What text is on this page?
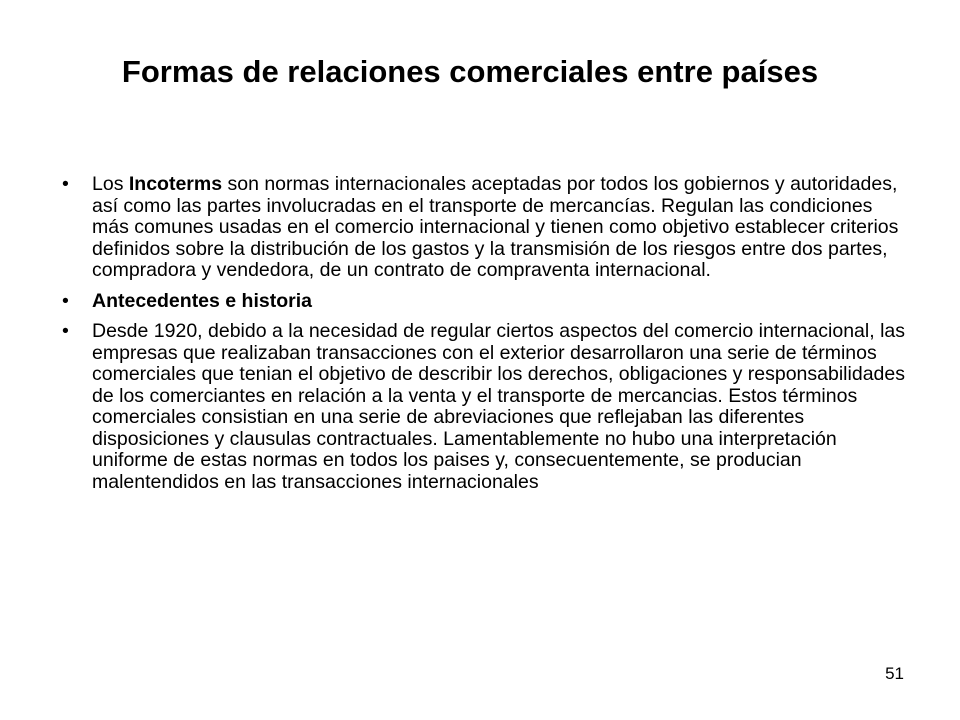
Formas de relaciones comerciales entre países
• Los Incoterms son normas internacionales aceptadas por todos los gobiernos y autoridades, así como las partes involucradas en el transporte de mercancías. Regulan las condiciones más comunes usadas en el comercio internacional y tienen como objetivo establecer criterios definidos sobre la distribución de los gastos y la transmisión de los riesgos entre dos partes, compradora y vendedora, de un contrato de compraventa internacional.
• Antecedentes e historia
• Desde 1920, debido a la necesidad de regular ciertos aspectos del comercio internacional, las empresas que realizaban transacciones con el exterior desarrollaron una serie de términos comerciales que tenian el objetivo de describir los derechos, obligaciones y responsabilidades de los comerciantes en relación a la venta y el transporte de mercancias. Estos términos comerciales consistian en una serie de abreviaciones que reflejaban las diferentes disposiciones y clausulas contractuales. Lamentablemente no hubo una interpretación uniforme de estas normas en todos los paises y, consecuentemente, se producian malentendidos en las transacciones internacionales
51
